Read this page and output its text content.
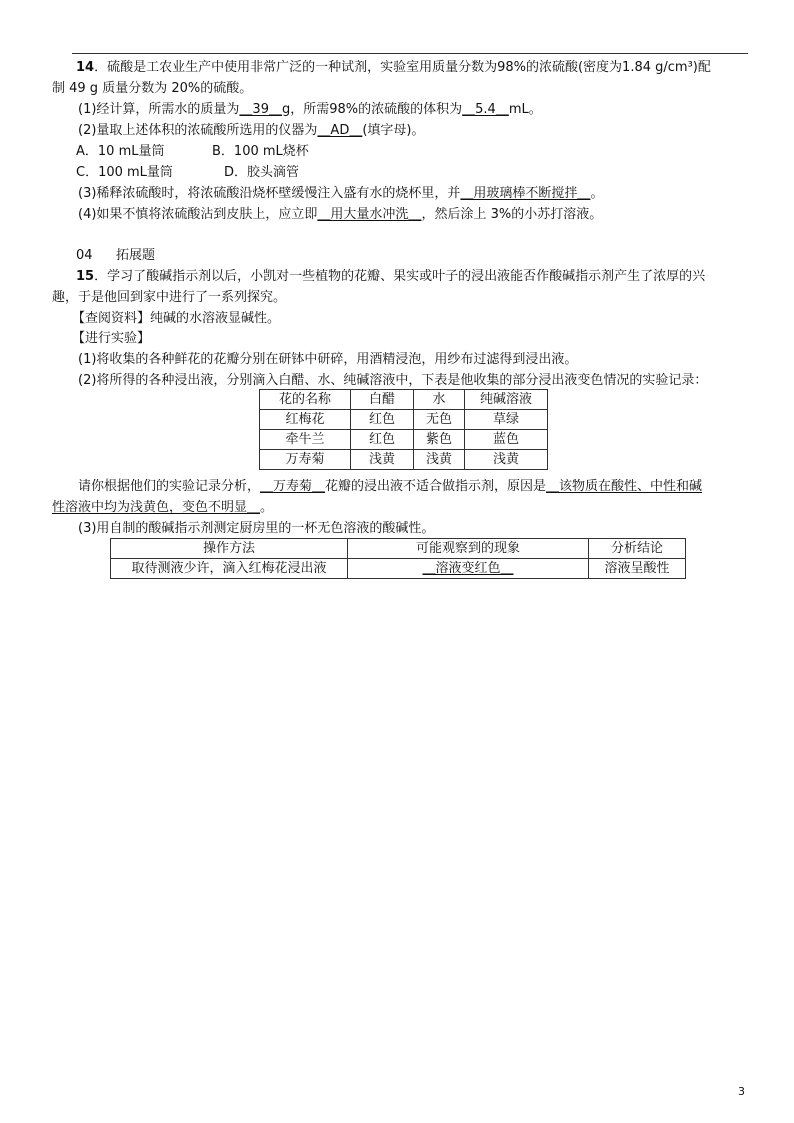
14．硫酸是工农业生产中使用非常广泛的一种试剂，实验室用质量分数为98%的浓硫酸(密度为1.84 g/cm³)配
制 49 g 质量分数为 20%的硫酸。
(1)经计算，所需水的质量为＿39＿g，所需98%的浓硫酸的体积为＿5.4＿mL。
(2)量取上述体积的浓硫酸所选用的仪器为＿AD＿(填字母)。
A．10 mL量筒	B．100 mL烧杯
C．100 mL量筒	D．胶头滴管
(3)稀释浓硫酸时，将浓硫酸沿烧杯壁缓慢注入盛有水的烧杯里，并＿用玻璃棒不断搅拌＿。
(4)如果不慎将浓硫酸沾到皮肤上，应立即＿用大量水冲洗＿，然后涂上 3%的小苏打溶液。
04 拓展题
15．学习了酸碱指示剂以后，小凯对一些植物的花瓣、果实或叶子的浸出液能否作酸碱指示剂产生了浓厚的兴
趣，于是他回到家中进行了一系列探究。
【查阅资料】纯碱的水溶液显碱性。
【进行实验】
(1)将收集的各种鲜花的花瓣分别在研钵中研碎，用酒精浸泡，用纱布过滤得到浸出液。
(2)将所得的各种浸出液，分别滴入白醋、水、纯碱溶液中，下表是他收集的部分浸出液变色情况的实验记录：
花的名称	白醋	水	纯碱溶液
红梅花	红色	无色	草绿
牵牛兰	红色	紫色	蓝色
万寿菊	浅黄	浅黄	浅黄
请你根据他们的实验记录分析，＿万寿菊＿花瓣的浸出液不适合做指示剂，原因是＿该物质在酸性、中性和碱
性溶液中均为浅黄色，变色不明显＿。
(3)用自制的酸碱指示剂测定厨房里的一杯无色溶液的酸碱性。
操作方法	可能观察到的现象	分析结论
取待测液少许，滴入红梅花浸出液	＿溶液变红色＿	溶液呈酸性
3
